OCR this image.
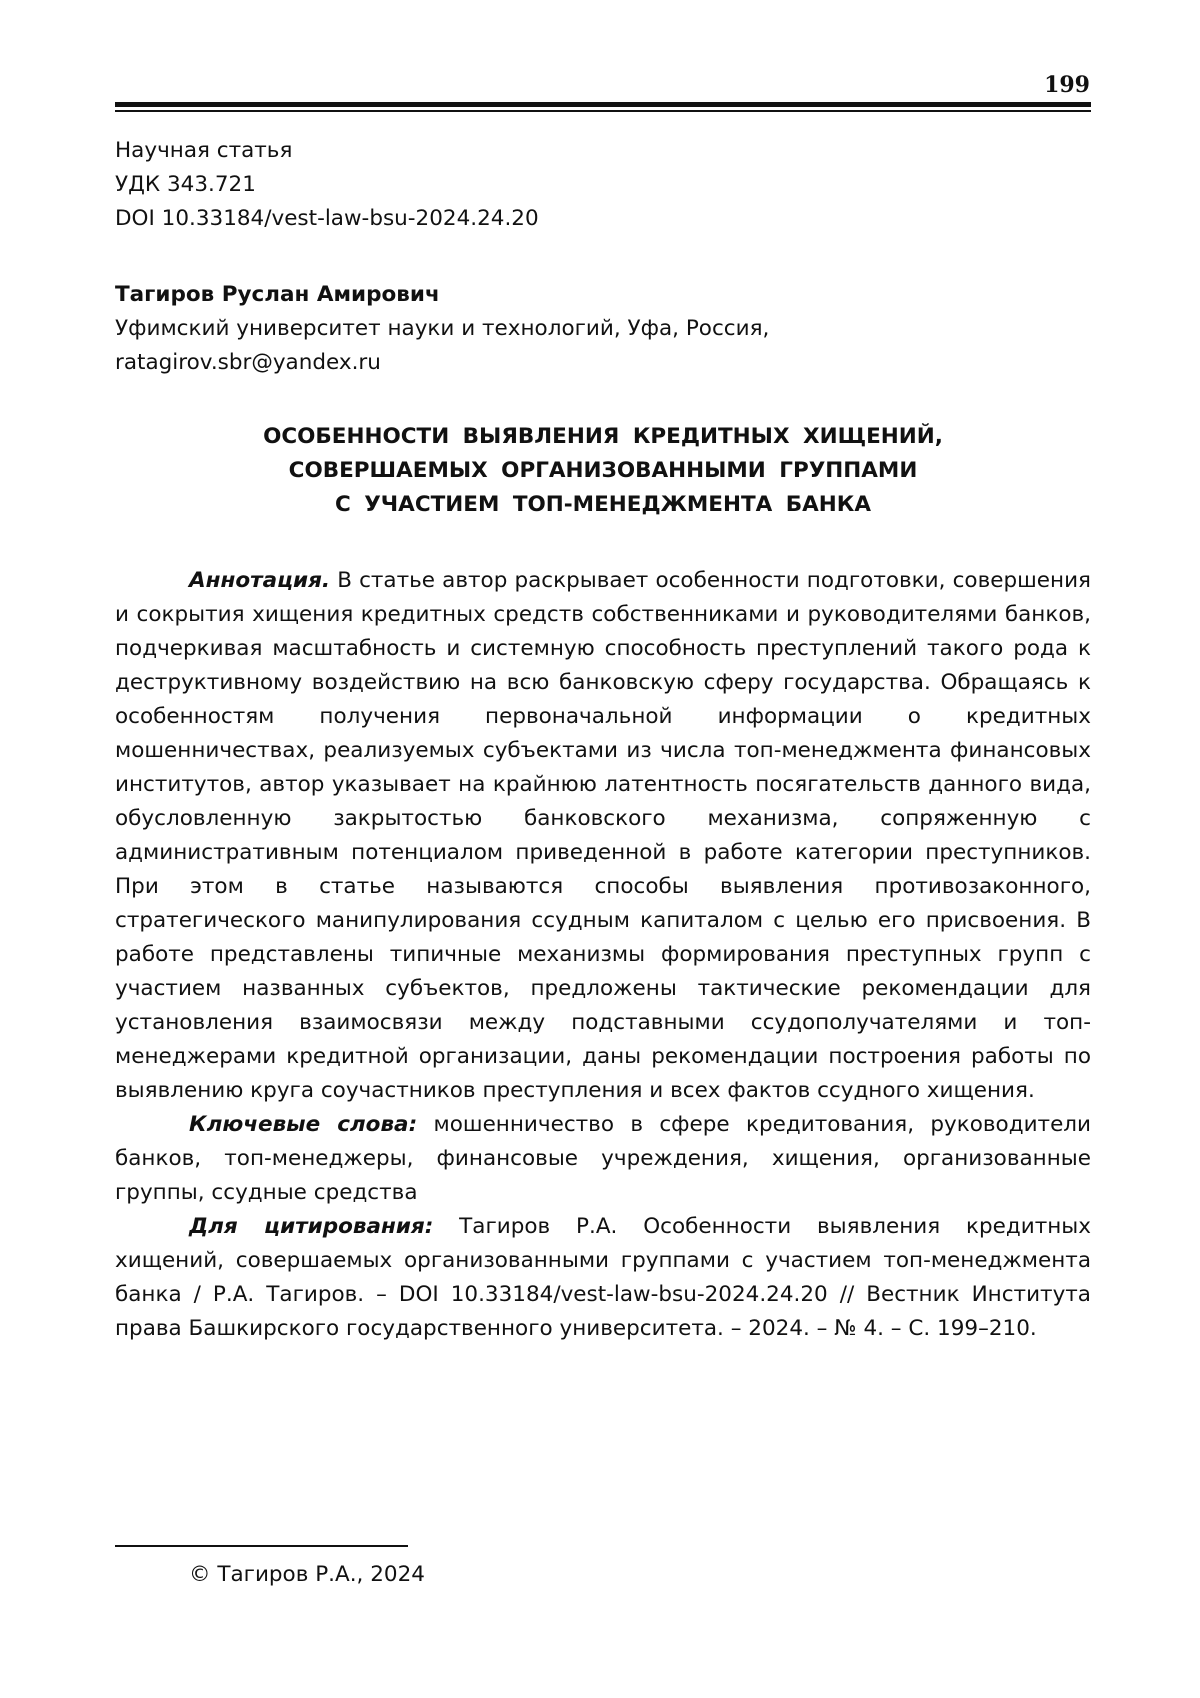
199
Научная статья
УДК 343.721
DOI 10.33184/vest-law-bsu-2024.24.20
Тагиров Руслан Амирович
Уфимский университет науки и технологий, Уфа, Россия,
ratagirov.sbr@yandex.ru
ОСОБЕННОСТИ ВЫЯВЛЕНИЯ КРЕДИТНЫХ ХИЩЕНИЙ,
СОВЕРШАЕМЫХ ОРГАНИЗОВАННЫМИ ГРУППАМИ
С УЧАСТИЕМ ТОП-МЕНЕДЖМЕНТА БАНКА

Аннотация. В статье автор раскрывает особенности подготовки, совершения и сокрытия хищения кредитных средств собственниками и руководителями банков, подчеркивая масштабность и системную способность преступлений такого рода к деструктивному воздействию на всю банковскую сферу государства. Обращаясь к особенностям получения первоначальной информации о кредитных мошенничествах, реализуемых субъектами из числа топ-менеджмента финансовых институтов, автор указывает на крайнюю латентность посягательств данного вида, обусловленную закрытостью банковского механизма, сопряженную с административным потенциалом приведенной в работе категории преступников. При этом в статье называются способы выявления противозаконного, стратегического манипулирования ссудным капиталом с целью его присвоения. В работе представлены типичные механизмы формирования преступных групп с участием названных субъектов, предложены тактические рекомендации для установления взаимосвязи между подставными ссудополучателями и топ-менеджерами кредитной организации, даны рекомендации построения работы по выявлению круга соучастников преступления и всех фактов ссудного хищения.

Ключевые слова: мошенничество в сфере кредитования, руководители банков, топ-менеджеры, финансовые учреждения, хищения, организованные группы, ссудные средства

Для цитирования: Тагиров Р.А. Особенности выявления кредитных хищений, совершаемых организованными группами с участием топ-менеджмента банка / Р.А. Тагиров. – DOI 10.33184/vest-law-bsu-2024.24.20 // Вестник Института права Башкирского государственного университета. – 2024. – № 4. – С. 199–210.

© Тагиров Р.А., 2024
